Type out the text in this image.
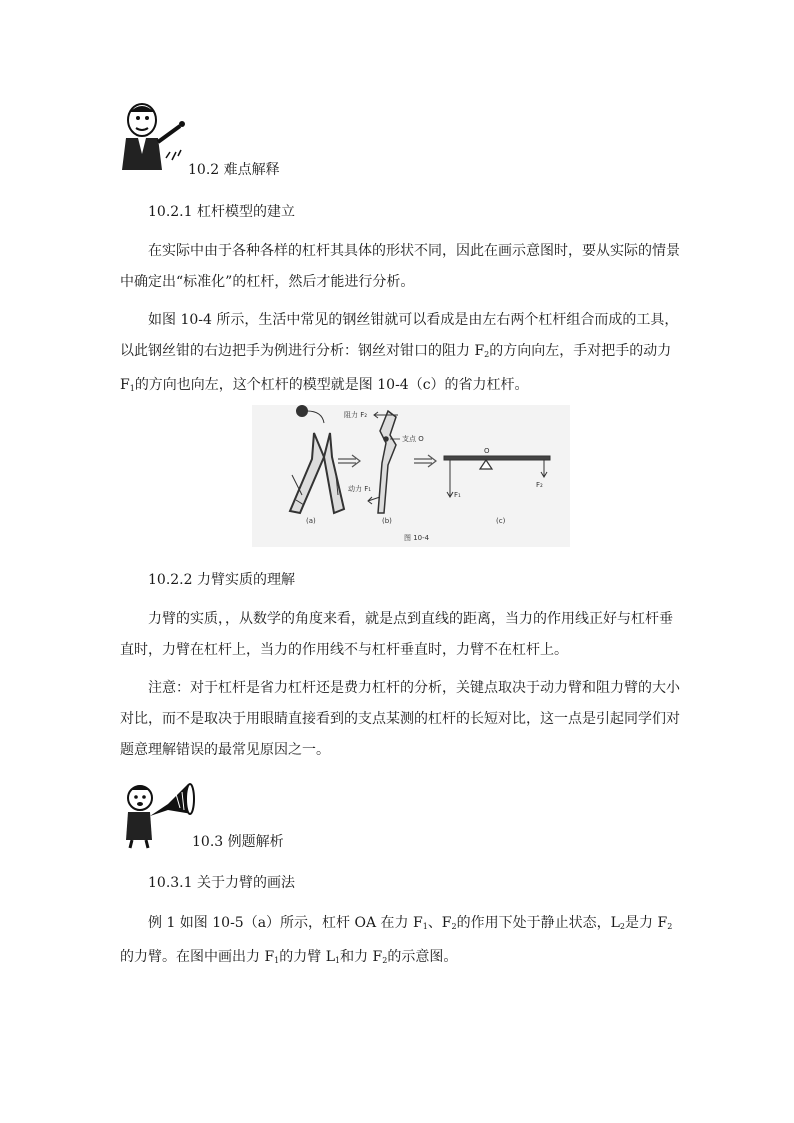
10.2 难点解释
10.2.1 杠杆模型的建立
在实际中由于各种各样的杠杆其具体的形状不同，因此在画示意图时，要从实际的情景中确定出“标准化”的杠杆，然后才能进行分析。
如图 10-4 所示，生活中常见的钢丝钳就可以看成是由左右两个杠杆组合而成的工具，以此钢丝钳的右边把手为例进行分析：钢丝对钳口的阻力 $F_2$的方向向左，手对把手的动力 $F_1$的方向也向左，这个杠杆的模型就是图 10-4（c）的省力杠杆。
阻力 F₂
支点 O
动力 F₁
O
F₁
F₂
(a)	(b)	(c)
图 10-4
10.2.2 力臂实质的理解
力臂的实质，，从数学的角度来看，就是点到直线的距离，当力的作用线正好与杠杆垂直时，力臂在杠杆上，当力的作用线不与杠杆垂直时，力臂不在杠杆上。
注意：对于杠杆是省力杠杆还是费力杠杆的分析，关键点取决于动力臂和阻力臂的大小对比，而不是取决于用眼睛直接看到的支点某测的杠杆的长短对比，这一点是引起同学们对题意理解错误的最常见原因之一。
10.3 例题解析
10.3.1 关于力臂的画法
例 1 如图 10-5（a）所示，杠杆 OA 在力 $F_1$、$F_2$的作用下处于静止状态，$L_2$是力 $F_2$的力臂。在图中画出力 $F_1$的力臂 $L_1$和力 $F_2$的示意图。
